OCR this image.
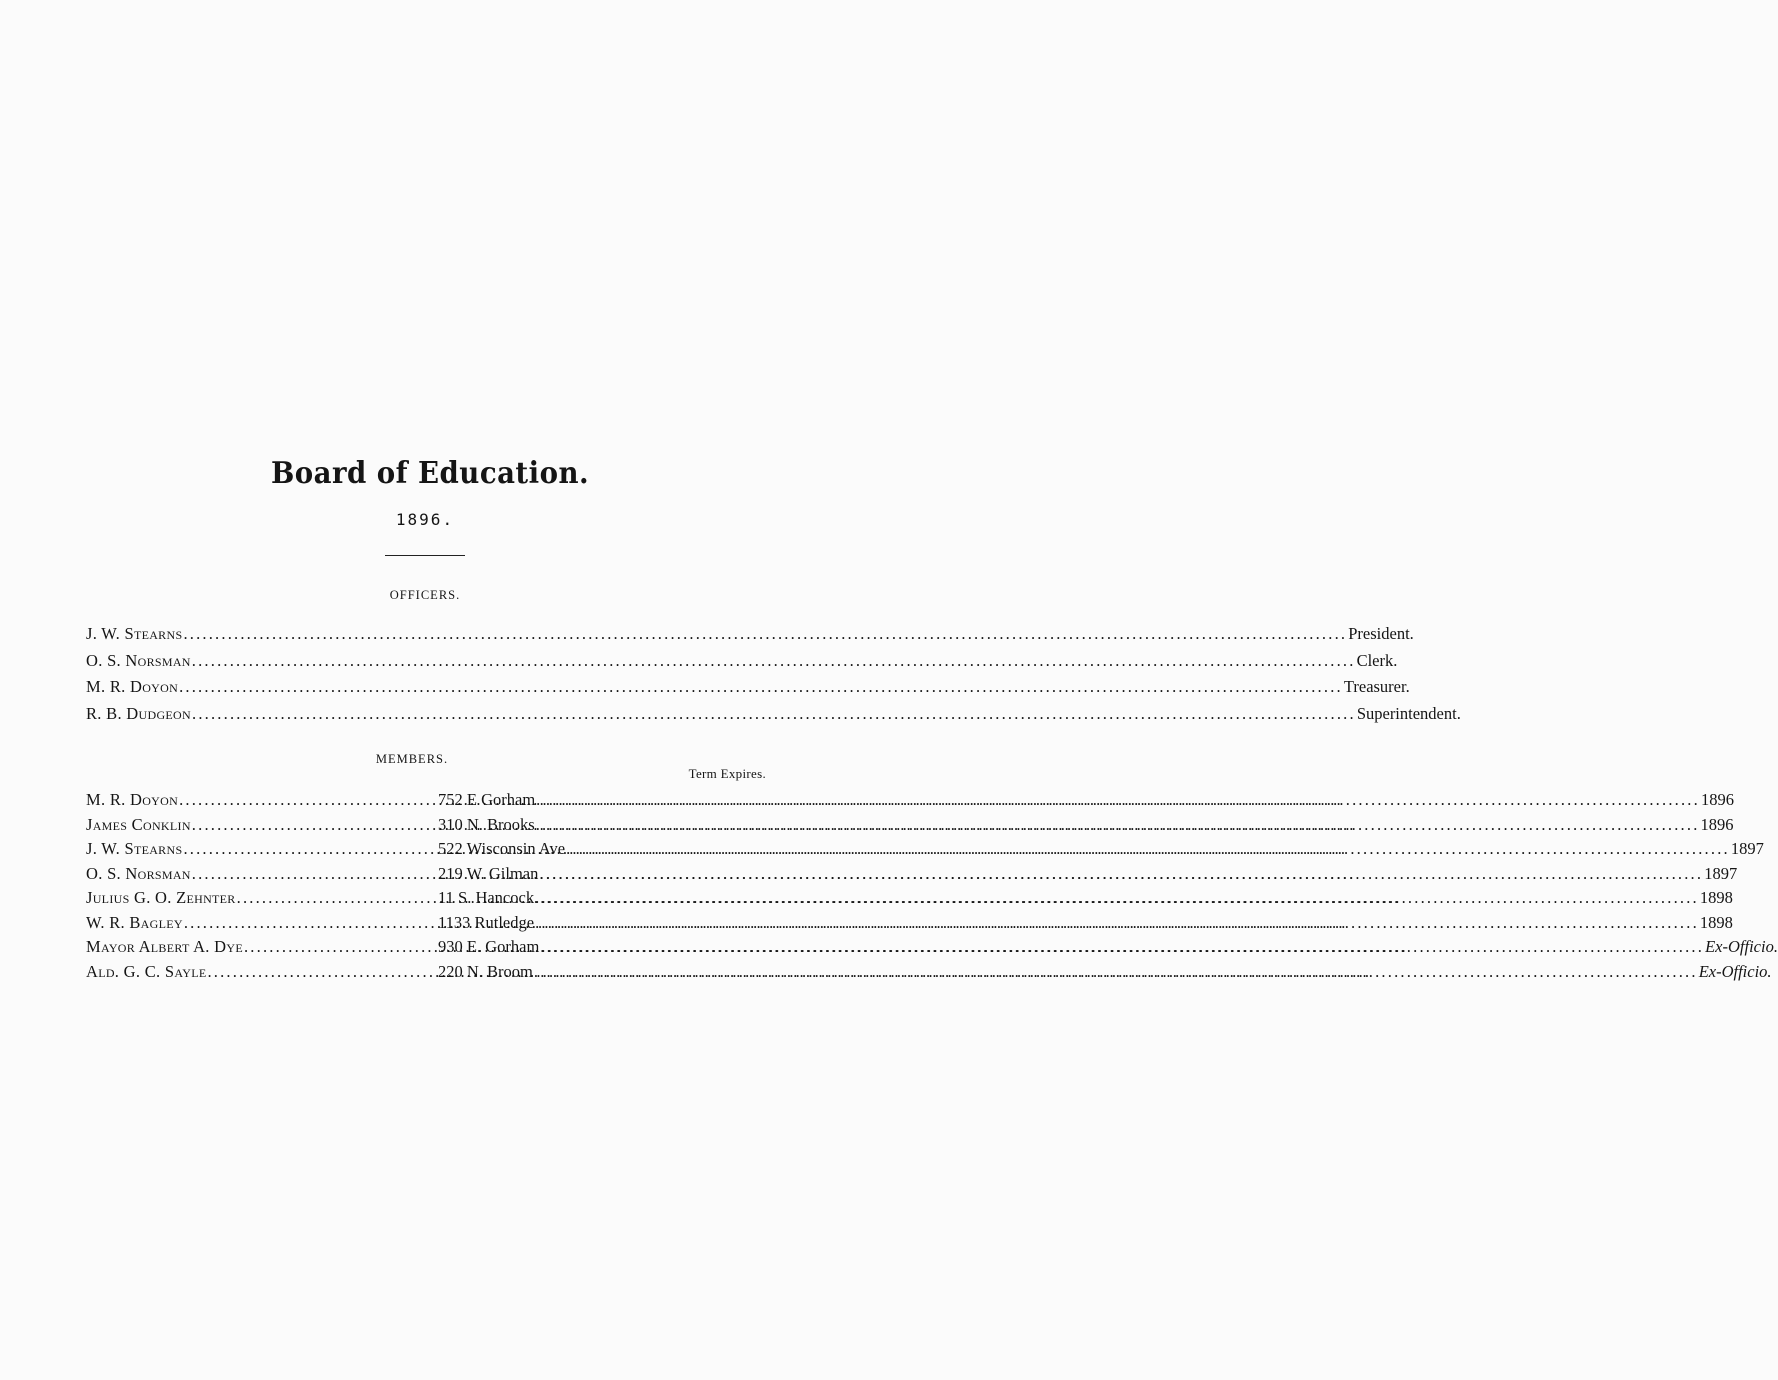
Board of Education.
1896.
OFFICERS.
J. W. Stearns .....	President.
O. S. Norsman .....	Clerk.
M. R. Doyon .....	Treasurer.
R. B. Dudgeon .....	Superintendent.
MEMBERS.
Term Expires.
M. R. Doyon .....	752 E Gorham .....	1896
James Conklin .....	310 N. Brooks .....	1896
J. W. Stearns .....	522 Wisconsin Ave .....	1897
O. S. Norsman .....	219 W. Gilman .....	1897
Julius G. O. Zehnter .....	11 S. Hancock .....	1898
W. R. Bagley .....	1133 Rutledge .....	1898
Mayor Albert A. Dye .....	930 E. Gorham .....	Ex-Officio.
Ald. G. C. Sayle .....	220 N. Broom .....	Ex-Officio.
